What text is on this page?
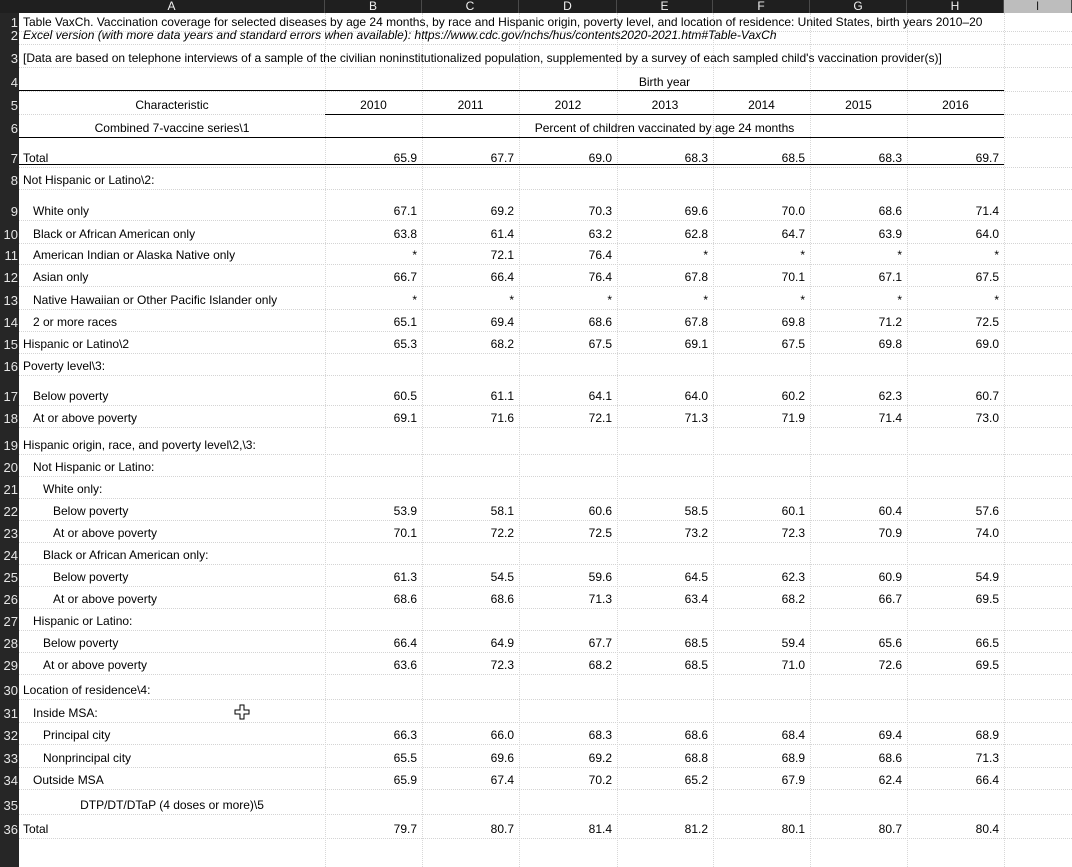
A	B	C	D	E	F	G	H	I
1
2
3
4
5
6
7
8
9
10
11
12
13
14
15
16
17
18
19
20
21
22
23
24
25
26
27
28
29
30
31
32
33
34
35
36
Table VaxCh. Vaccination coverage for selected diseases by age 24 months, by race and Hispanic origin, poverty level, and location of residence: United States, birth years 2010–20
Excel version (with more data years and standard errors when available): https://www.cdc.gov/nchs/hus/contents2020-2021.htm#Table-VaxCh
[Data are based on telephone interviews of a sample of the civilian noninstitutionalized population, supplemented by a survey of each sampled child's vaccination provider(s)]
Birth year
Characteristic	2010	2011	2012	2013	2014	2015	2016
Combined 7-vaccine series\1	Percent of children vaccinated by age 24 months
Total	65.9	67.7	69.0	68.3	68.5	68.3	69.7
Not Hispanic or Latino\2:
White only	67.1	69.2	70.3	69.6	70.0	68.6	71.4
Black or African American only	63.8	61.4	63.2	62.8	64.7	63.9	64.0
American Indian or Alaska Native only	*	72.1	76.4	*	*	*	*
Asian only	66.7	66.4	76.4	67.8	70.1	67.1	67.5
Native Hawaiian or Other Pacific Islander only	*	*	*	*	*	*	*
2 or more races	65.1	69.4	68.6	67.8	69.8	71.2	72.5
Hispanic or Latino\2	65.3	68.2	67.5	69.1	67.5	69.8	69.0
Poverty level\3:
Below poverty	60.5	61.1	64.1	64.0	60.2	62.3	60.7
At or above poverty	69.1	71.6	72.1	71.3	71.9	71.4	73.0
Hispanic origin, race, and poverty level\2,\3:
Not Hispanic or Latino:
White only:
Below poverty	53.9	58.1	60.6	58.5	60.1	60.4	57.6
At or above poverty	70.1	72.2	72.5	73.2	72.3	70.9	74.0
Black or African American only:
Below poverty	61.3	54.5	59.6	64.5	62.3	60.9	54.9
At or above poverty	68.6	68.6	71.3	63.4	68.2	66.7	69.5
Hispanic or Latino:
Below poverty	66.4	64.9	67.7	68.5	59.4	65.6	66.5
At or above poverty	63.6	72.3	68.2	68.5	71.0	72.6	69.5
Location of residence\4:
Inside MSA:
Principal city	66.3	66.0	68.3	68.6	68.4	69.4	68.9
Nonprincipal city	65.5	69.6	69.2	68.8	68.9	68.6	71.3
Outside MSA	65.9	67.4	70.2	65.2	67.9	62.4	66.4
DTP/DT/DTaP (4 doses or more)\5
Total	79.7	80.7	81.4	81.2	80.1	80.7	80.4
